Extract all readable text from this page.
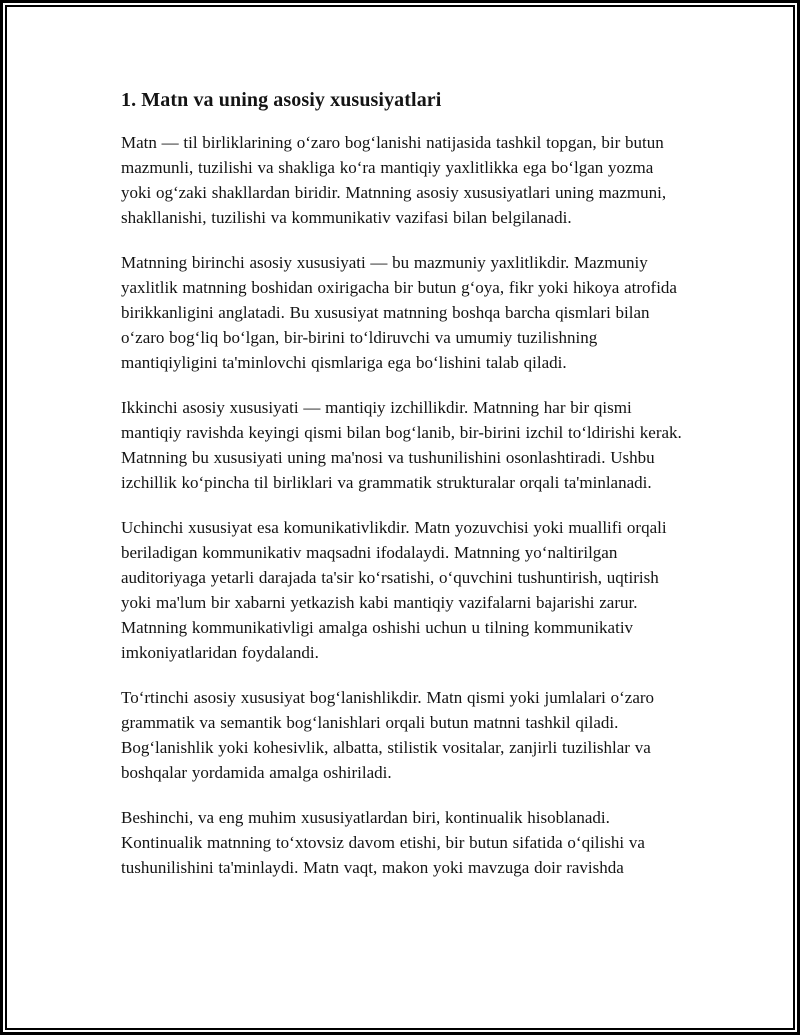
1. Matn va uning asosiy xususiyatlari

Matn — til birliklarining o‘zaro bog‘lanishi natijasida tashkil topgan, bir butun mazmunli, tuzilishi va shakliga ko‘ra mantiqiy yaxlitlikka ega bo‘lgan yozma yoki og‘zaki shakllardan biridir. Matnning asosiy xususiyatlari uning mazmuni, shakllanishi, tuzilishi va kommunikativ vazifasi bilan belgilanadi.

Matnning birinchi asosiy xususiyati — bu mazmuniy yaxlitlikdir. Mazmuniy yaxlitlik matnning boshidan oxirigacha bir butun g‘oya, fikr yoki hikoya atrofida birikkanligini anglatadi. Bu xususiyat matnning boshqa barcha qismlari bilan o‘zaro bog‘liq bo‘lgan, bir-birini to‘ldiruvchi va umumiy tuzilishning mantiqiyligini ta'minlovchi qismlariga ega bo‘lishini talab qiladi.

Ikkinchi asosiy xususiyati — mantiqiy izchillikdir. Matnning har bir qismi mantiqiy ravishda keyingi qismi bilan bog‘lanib, bir-birini izchil to‘ldirishi kerak. Matnning bu xususiyati uning ma'nosi va tushunilishini osonlashtiradi. Ushbu izchillik ko‘pincha til birliklari va grammatik strukturalar orqali ta'minlanadi.

Uchinchi xususiyat esa komunikativlikdir. Matn yozuvchisi yoki muallifi orqali beriladigan kommunikativ maqsadni ifodalaydi. Matnning yo‘naltirilgan auditoriyaga yetarli darajada ta'sir ko‘rsatishi, o‘quvchini tushuntirish, uqtirish yoki ma'lum bir xabarni yetkazish kabi mantiqiy vazifalarni bajarishi zarur. Matnning kommunikativligi amalga oshishi uchun u tilning kommunikativ imkoniyatlaridan foydalandi.

To‘rtinchi asosiy xususiyat bog‘lanishlikdir. Matn qismi yoki jumlalari o‘zaro grammatik va semantik bog‘lanishlari orqali butun matnni tashkil qiladi. Bog‘lanishlik yoki kohesivlik, albatta, stilistik vositalar, zanjirli tuzilishlar va boshqalar yordamida amalga oshiriladi.

Beshinchi, va eng muhim xususiyatlardan biri, kontinualik hisoblanadi. Kontinualik matnning to‘xtovsiz davom etishi, bir butun sifatida o‘qilishi va tushunilishini ta'minlaydi. Matn vaqt, makon yoki mavzuga doir ravishda
